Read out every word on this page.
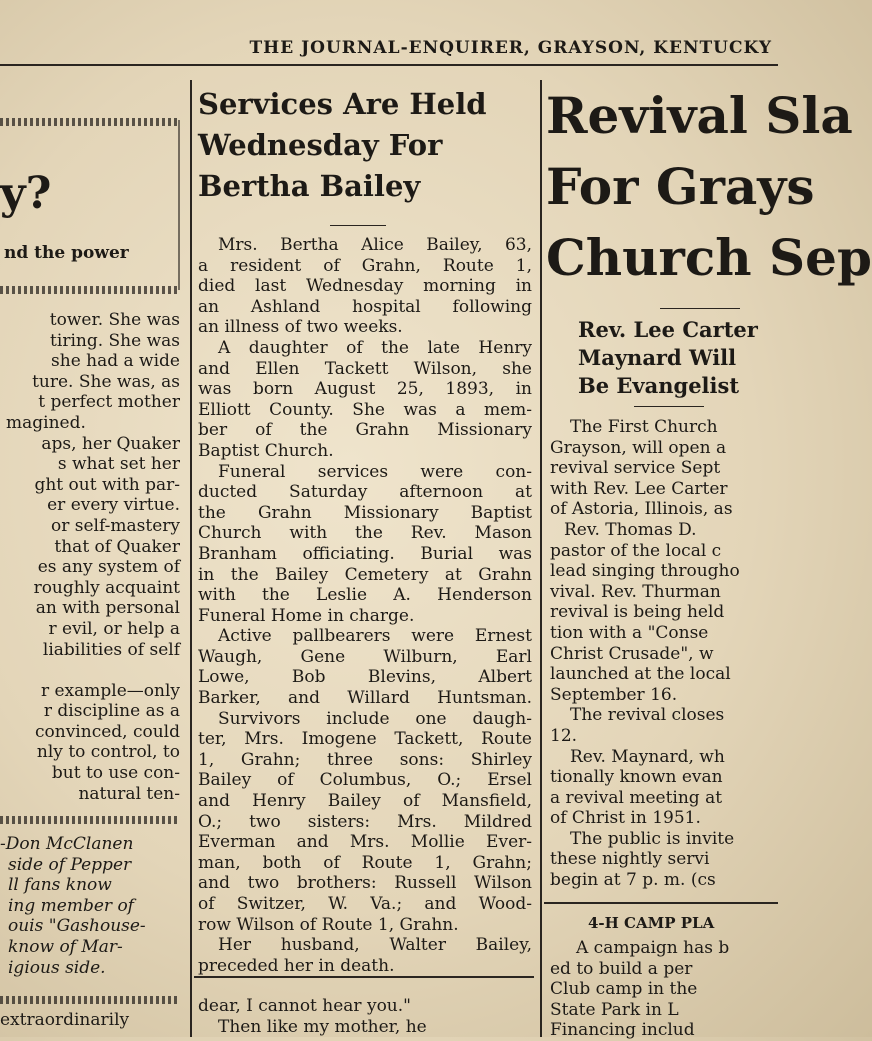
THE JOURNAL-ENQUIRER, GRAYSON, KENTUCKY
y?
nd the power
tower. She was
tiring. She was
she had a wide
ture. She was, as
t perfect mother
magined.
aps, her Quaker
s what set her
ght out with par-
er every virtue.
or self-mastery
that of Quaker
es any system of
roughly acquaint
an with personal
r evil, or help a
liabilities of self
r example—only
r discipline as a
convinced, could
nly to control, to
but to use con-
natural ten-
-Don McClanen
side of Pepper
ll fans know
ing member of
ouis "Gashouse-
know of Mar-
igious side.
extraordinarily
Services Are Held
Wednesday For
Bertha Bailey
Mrs. Bertha Alice Bailey, 63,
a resident of Grahn, Route 1,
died last Wednesday morning in
an Ashland hospital following
an illness of two weeks.
A daughter of the late Henry
and Ellen Tackett Wilson, she
was born August 25, 1893, in
Elliott County. She was a mem-
ber of the Grahn Missionary
Baptist Church.
Funeral services were con-
ducted Saturday afternoon at
the Grahn Missionary Baptist
Church with the Rev. Mason
Branham officiating. Burial was
in the Bailey Cemetery at Grahn
with the Leslie A. Henderson
Funeral Home in charge.
Active pallbearers were Ernest
Waugh, Gene Wilburn, Earl
Lowe, Bob Blevins, Albert
Barker, and Willard Huntsman.
Survivors include one daugh-
ter, Mrs. Imogene Tackett, Route
1, Grahn; three sons: Shirley
Bailey of Columbus, O.; Ersel
and Henry Bailey of Mansfield,
O.; two sisters: Mrs. Mildred
Everman and Mrs. Mollie Ever-
man, both of Route 1, Grahn;
and two brothers: Russell Wilson
of Switzer, W. Va.; and Wood-
row Wilson of Route 1, Grahn.
Her husband, Walter Bailey,
preceded her in death.
dear, I cannot hear you."
Then like my mother, he
Revival Sla
For Grays
Church Sep
Rev. Lee Carter
Maynard Will
Be Evangelist
The First Church
Grayson, will open a
revival service Sept
with Rev. Lee Carter
of Astoria, Illinois, as
Rev. Thomas D.
pastor of the local c
lead singing througho
vival. Rev. Thurman
revival is being held
tion with a "Conse
Christ Crusade", w
launched at the local
September 16.
The revival closes
12.
Rev. Maynard, wh
tionally known evan
a revival meeting at
of Christ in 1951.
The public is invite
these nightly servi
begin at 7 p. m. (cs
4-H CAMP PLA
A campaign has b
ed to build a per
Club camp in the
State Park in L
Financing includ
